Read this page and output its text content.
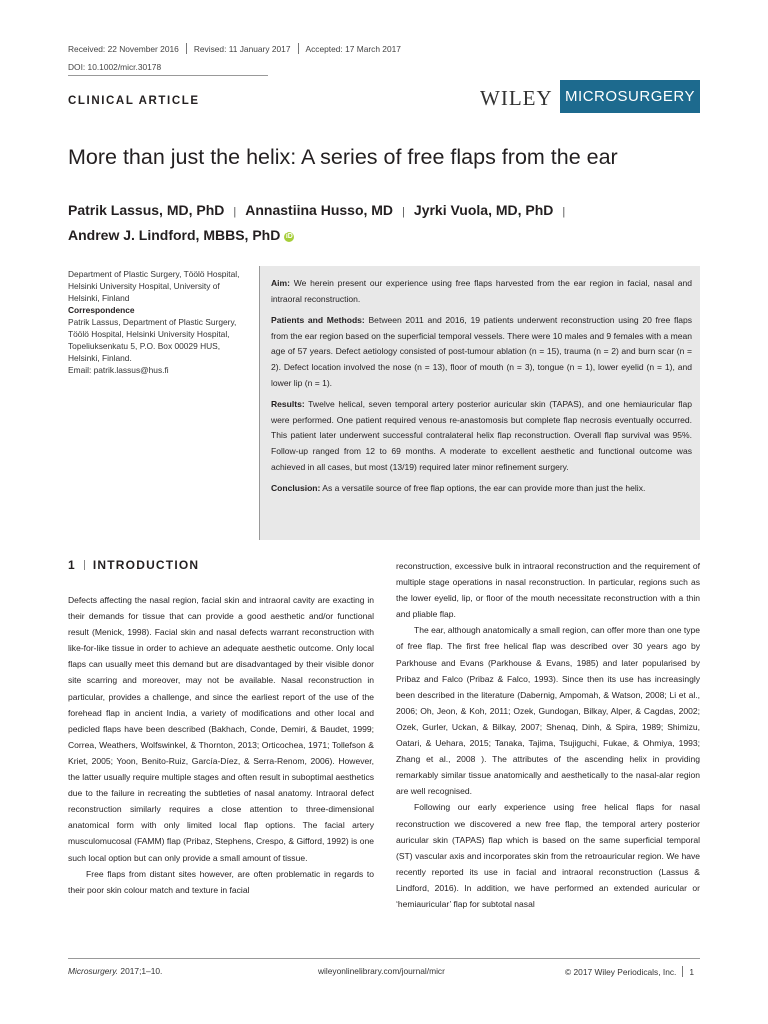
Received: 22 November 2016 Revised: 11 January 2017 Accepted: 17 March 2017
DOI: 10.1002/micr.30178
CLINICAL ARTICLE	WILEY MICROSURGERY
More than just the helix: A series of free flaps from the ear
Patrik Lassus, MD, PhD | Annastiina Husso, MD | Jyrki Vuola, MD, PhD |
Andrew J. Lindford, MBBS, PhD iD
Department of Plastic Surgery, Töölö Hospital, Helsinki University Hospital, University of Helsinki, Finland
Correspondence
Patrik Lassus, Department of Plastic Surgery, Töölö Hospital, Helsinki University Hospital, Topeliuksenkatu 5, P.O. Box 00029 HUS, Helsinki, Finland.
Email: patrik.lassus@hus.fi

Aim: We herein present our experience using free flaps harvested from the ear region in facial, nasal and intraoral reconstruction.

Patients and Methods: Between 2011 and 2016, 19 patients underwent reconstruction using 20 free flaps from the ear region based on the superficial temporal vessels. There were 10 males and 9 females with a mean age of 57 years. Defect aetiology consisted of post-tumour ablation (n = 15), trauma (n = 2) and burn scar (n = 2). Defect location involved the nose (n = 13), floor of mouth (n = 3), tongue (n = 1), lower eyelid (n = 1), and lower lip (n = 1).

Results: Twelve helical, seven temporal artery posterior auricular skin (TAPAS), and one hemiauricular flap were performed. One patient required venous re-anastomosis but complete flap necrosis eventually occurred. This patient later underwent successful contralateral helix flap reconstruction. Overall flap survival was 95%. Follow-up ranged from 12 to 69 months. A moderate to excellent aesthetic and functional outcome was achieved in all cases, but most (13/19) required later minor refinement surgery.

Conclusion: As a versatile source of free flap options, the ear can provide more than just the helix.

1 INTRODUCTION

Defects affecting the nasal region, facial skin and intraoral cavity are exacting in their demands for tissue that can provide a good aesthetic and/or functional result (Menick, 1998). Facial skin and nasal defects warrant reconstruction with like-for-like tissue in order to achieve an adequate aesthetic outcome. Only local flaps can usually meet this demand but are disadvantaged by their visible donor site scarring and moreover, may not be available. Nasal reconstruction in particular, provides a challenge, and since the earliest report of the use of the forehead flap in ancient India, a variety of modifications and other local and pedicled flaps have been described (Bakhach, Conde, Demiri, & Baudet, 1999; Correa, Weathers, Wolfswinkel, & Thornton, 2013; Orticochea, 1971; Tollefson & Kriet, 2005; Yoon, Benito-Ruiz, García-Díez, & Serra-Renom, 2006). However, the latter usually require multiple stages and often result in suboptimal aesthetics due to the failure in recreating the subtleties of nasal anatomy. Intraoral defect reconstruction similarly requires a close attention to three-dimensional anatomical form with only limited local flap options. The facial artery musculomucosal (FAMM) flap (Pribaz, Stephens, Crespo, & Gifford, 1992) is one such local option but can only provide a small amount of tissue.

Free flaps from distant sites however, are often problematic in regards to their poor skin colour match and texture in facial

reconstruction, excessive bulk in intraoral reconstruction and the requirement of multiple stage operations in nasal reconstruction. In particular, regions such as the lower eyelid, lip, or floor of the mouth necessitate reconstruction with a thin and pliable flap.

The ear, although anatomically a small region, can offer more than one type of free flap. The first free helical flap was described over 30 years ago by Parkhouse and Evans (Parkhouse & Evans, 1985) and later popularised by Pribaz and Falco (Pribaz & Falco, 1993). Since then its use has increasingly been described in the literature (Dabernig, Ampomah, & Watson, 2008; Li et al., 2006; Oh, Jeon, & Koh, 2011; Ozek, Gundogan, Bilkay, Alper, & Cagdas, 2002; Ozek, Gurler, Uckan, & Bilkay, 2007; Shenaq, Dinh, & Spira, 1989; Shimizu, Oatari, & Uehara, 2015; Tanaka, Tajima, Tsujiguchi, Fukae, & Ohmiya, 1993; Zhang et al., 2008 ). The attributes of the ascending helix in providing remarkably similar tissue anatomically and aesthetically to the nasal-alar region are well recognised.

Following our early experience using free helical flaps for nasal reconstruction we discovered a new free flap, the temporal artery posterior auricular skin (TAPAS) flap which is based on the same superficial temporal (ST) vascular axis and incorporates skin from the retroauricular region. We have recently reported its use in facial and intraoral reconstruction (Lassus & Lindford, 2016). In addition, we have performed an extended auricular or ‘hemiauricular’ flap for subtotal nasal

Microsurgery. 2017;1–10.	wileyonlinelibrary.com/journal/micr	© 2017 Wiley Periodicals, Inc. 1
